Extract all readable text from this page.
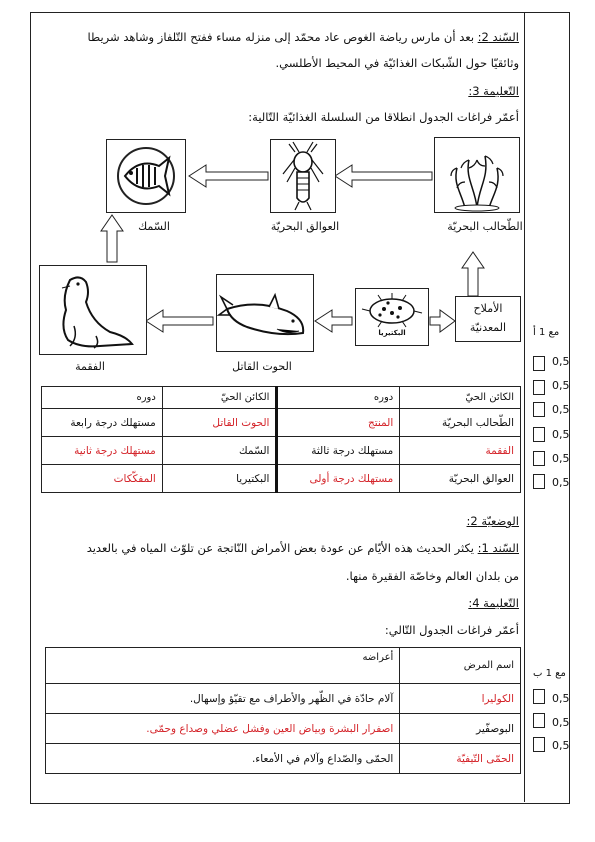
السّند 2: بعد أن مارس رياضة الغوص عاد محمّد إلى منزله مساء ففتح التّلفاز وشاهد شريطا
وثائقيّا حول الشّبكات الغذائيّة في المحيط الأطلسي.
التّعليمة 3:
أعمّر فراغات الجدول انطلاقا من السلسلة الغذائيّة التّالية:
السّمك	العوالق البحريّة	الطّحالب البحريّة
الفقمة	الحوت القاتل
البكتيريا
الأملاح
المعدنيّة
دوره	الكائن الحيّ	دوره	الكائن الحيّ
مستهلك درجة رابعة	الحوت القاتل	المنتج	الطّحالب البحريّة
مستهلك درجة ثانية	السّمك	مستهلك درجة ثالثة	الفقمة
المفكّكات	البكتيريا	مستهلك درجة أولى	العوالق البحريّة
الوضعيّة 2:
السّند 1: يكثر الحديث هذه الأيّام عن عودة بعض الأمراض النّاتجة عن تلوّث المياه في بالعديد
من بلدان العالم وخاصّة الفقيرة منها.
التّعليمة 4:
أعمّر فراغات الجدول التّالي:
أعراضه	اسم المرض
آلام حادّة في الظّهر والأطراف مع تقيّؤ وإسهال.	الكوليرا
اصفرار البشرة وبياض العين وفشل عضلي وصداع وحمّى.	البوصفّير
الحمّى والصّداع وآلام في الأمعاء.	الحمّى التّيفيّة
مع 1 أ
0,5
0,5
0,5
0,5
0,5
0,5
مع 1 ب
0,5
0,5
0,5
